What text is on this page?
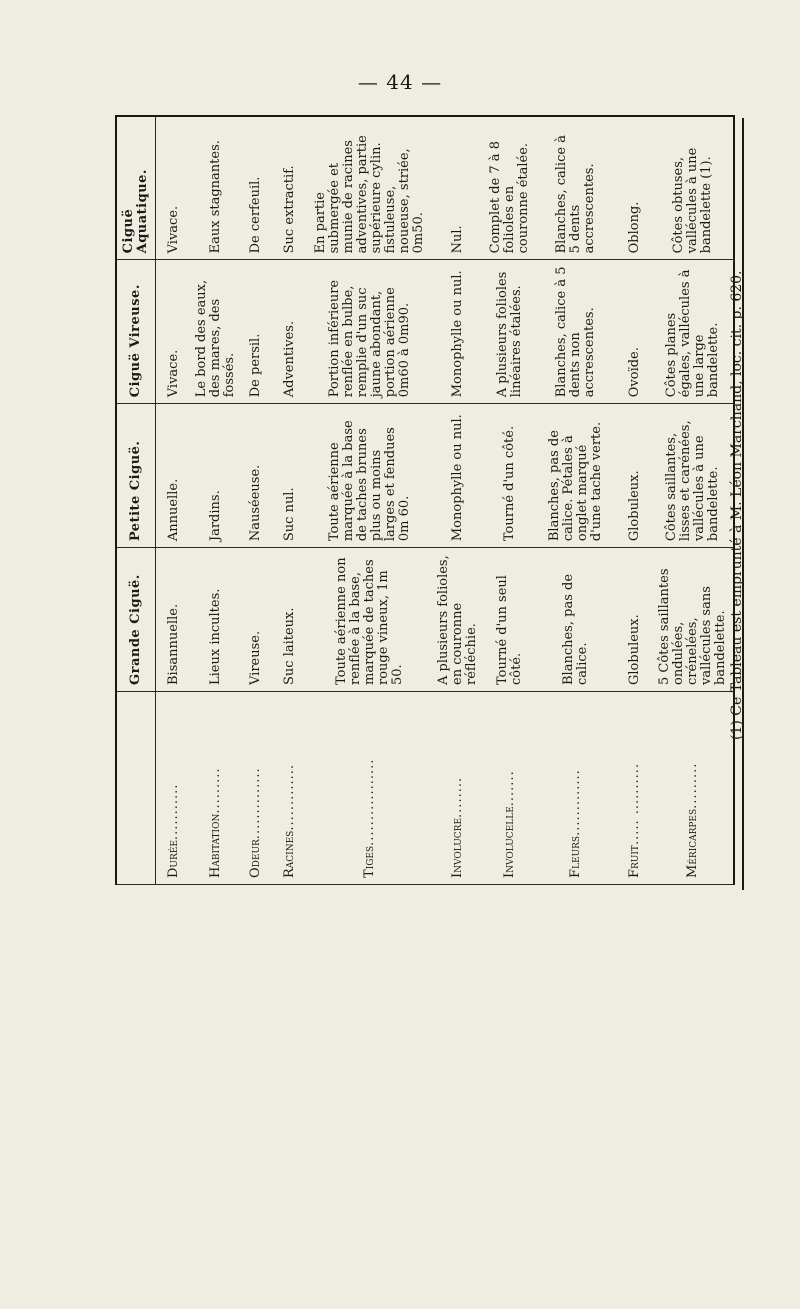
— 44 —
	Grande Ciguë.	Petite Ciguë.	Ciguë Vireuse.	Ciguë Aquatique.
Durée...........	Bisannuelle.	Annuelle.	Vivace.	Vivace.
Habitation.........	Lieux incultes.	Jardins.	Le bord des eaux, des mares, des fossés.	Eaux stagnantes.
Odeur..............	Vireuse.	Nauséeuse.	De persil.	De cerfeuil.
Racines.............	Suc laiteux.	Suc nul.	Adventives.	Suc extractif.
Tiges.................	Toute aérienne non renflée à la base, marquée de taches rouge vineux, 1m 50.	Toute aérienne marquée à la base de taches brunes plus ou moins larges et fendues 0m 60.	Portion inférieure renflée en bulbe, remplie d'un suc jaune abondant, portion aérienne 0m60 à 0m90.	En partie submergée et munie de racines adventives, partie supérieure cylin. fistuleuse, noueuse, striée, 0m50.
Involucre........	A plusieurs folioles, en couronne réfléchie.	Monophylle ou nul.	Monophylle ou nul.	Nul.
Involucelle.......	Tourné d'un seul côté.	Tourné d'un côté.	A plusieurs folioles linéaires étalées.	Complet de 7 à 8 folioles en couronne étalée.
Fleurs.............	Blanches, pas de calice.	Blanches, pas de calice. Pétales à onglet marqué d'une tache verte.	Blanches, calice à 5 dents non accrescentes.	Blanches, calice à 5 dents accrescentes.
Fruit..... ..........	Globuleux.	Globuleux.	Ovoïde.	Oblong.
Méricarpes.........	5 Côtes saillantes ondulées, crénelées, vallécules sans bandelette.	Côtes saillantes, lisses et carénées, vallécules à une bandelette.	Côtes planes égales, vallécules à une large bandelette.	Côtes obtuses, vallécules à une bandelette (1).
(1) Ce Tableau est emprunté à M. Léon Marchand, loc. cit. p. 620.
